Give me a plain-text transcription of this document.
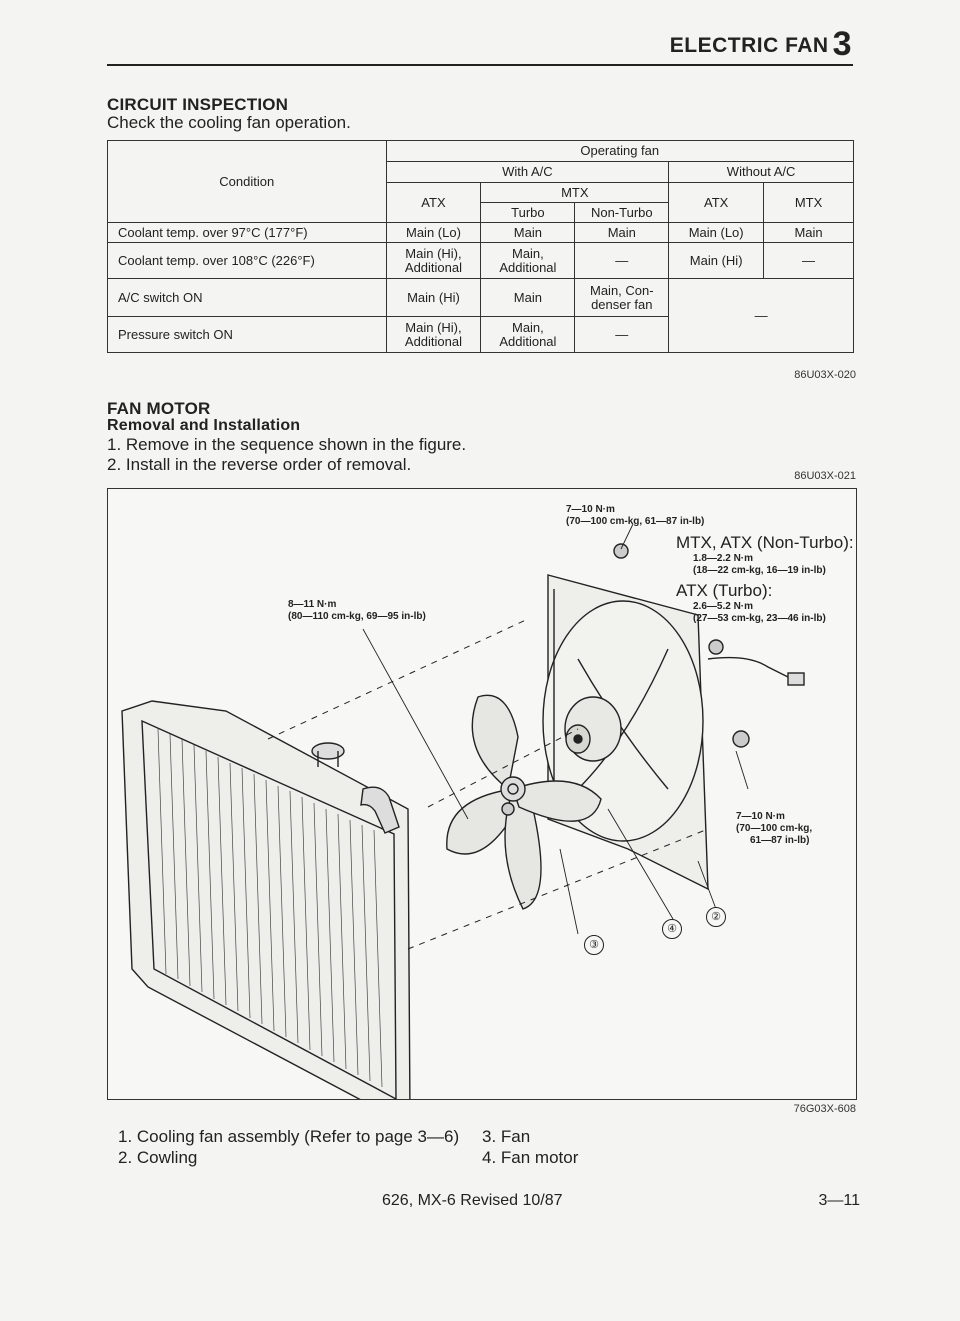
ELECTRIC FAN 3
CIRCUIT INSPECTION
Check the cooling fan operation.
Condition	Operating fan				
	With A/C			Without A/C	
	ATX	MTX		ATX	MTX
		Turbo	Non-Turbo		
Coolant temp. over 97°C (177°F)	Main (Lo)	Main	Main	Main (Lo)	Main
Coolant temp. over 108°C (226°F)	Main (Hi), Additional	Main, Additional	—	Main (Hi)	—
A/C switch ON	Main (Hi)	Main	Main, Con- denser fan	—	
Pressure switch ON	Main (Hi), Additional	Main, Additional	—		
86U03X-020
FAN MOTOR
Removal and Installation
1. Remove in the sequence shown in the figure.
2. Install in the reverse order of removal.
86U03X-021
7—10 N·m
(70—100 cm-kg, 61—87 in-lb)
MTX, ATX (Non-Turbo):
1.8—2.2 N·m
(18—22 cm-kg, 16—19 in-lb)
ATX (Turbo):
2.6—5.2 N·m
(27—53 cm-kg, 23—46 in-lb)
8—11 N·m
(80—110 cm-kg, 69—95 in-lb)
7—10 N·m
(70—100 cm-kg,
61—87 in-lb)
②
③
④
76G03X-608
1. Cooling fan assembly (Refer to page 3—6)
2. Cowling
3. Fan
4. Fan motor
626, MX-6 Revised 10/87	3—11
